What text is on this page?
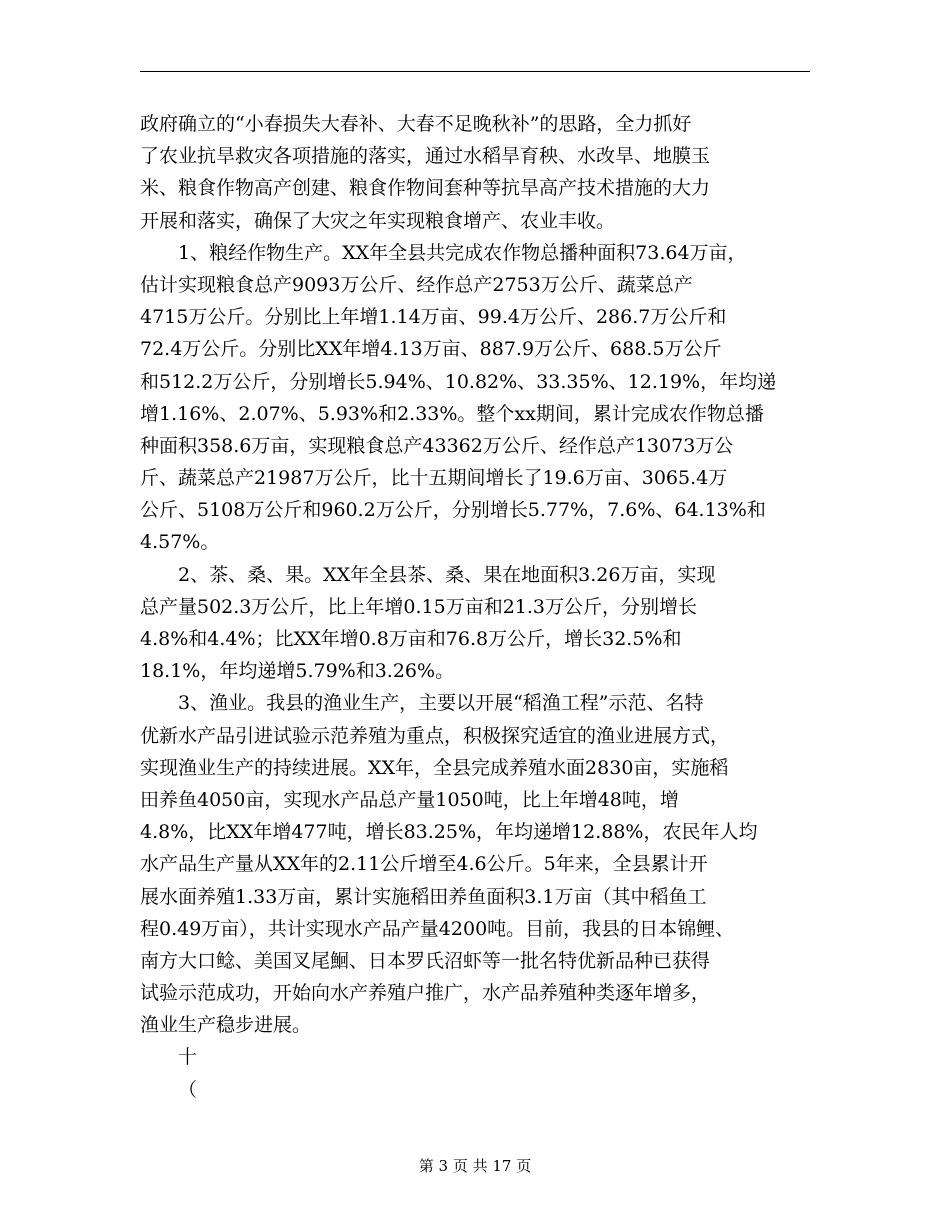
政府确立的“小春损失大春补、大春不足晚秋补”的思路，全力抓好
了农业抗旱救灾各项措施的落实，通过水稻旱育秧、水改旱、地膜玉
米、粮食作物高产创建、粮食作物间套种等抗旱高产技术措施的大力
开展和落实，确保了大灾之年实现粮食增产、农业丰收。
1、粮经作物生产。XX年全县共完成农作物总播种面积73.64万亩，
估计实现粮食总产9093万公斤、经作总产2753万公斤、蔬菜总产
4715万公斤。分别比上年增1.14万亩、99.4万公斤、286.7万公斤和
72.4万公斤。分别比XX年增4.13万亩、887.9万公斤、688.5万公斤
和512.2万公斤，分别增长5.94%、10.82%、33.35%、12.19%，年均递
增1.16%、2.07%、5.93%和2.33%。整个xx期间，累计完成农作物总播
种面积358.6万亩，实现粮食总产43362万公斤、经作总产13073万公
斤、蔬菜总产21987万公斤，比十五期间增长了19.6万亩、3065.4万
公斤、5108万公斤和960.2万公斤，分别增长5.77%，7.6%、64.13%和
4.57%。
2、茶、桑、果。XX年全县茶、桑、果在地面积3.26万亩，实现
总产量502.3万公斤，比上年增0.15万亩和21.3万公斤，分别增长
4.8%和4.4%；比XX年增0.8万亩和76.8万公斤，增长32.5%和
18.1%，年均递增5.79%和3.26%。
3、渔业。我县的渔业生产，主要以开展“稻渔工程”示范、名特
优新水产品引进试验示范养殖为重点，积极探究适宜的渔业进展方式，
实现渔业生产的持续进展。XX年，全县完成养殖水面2830亩，实施稻
田养鱼4050亩，实现水产品总产量1050吨，比上年增48吨，增
4.8%，比XX年增477吨，增长83.25%，年均递增12.88%，农民年人均
水产品生产量从XX年的2.11公斤增至4.6公斤。5年来，全县累计开
展水面养殖1.33万亩，累计实施稻田养鱼面积3.1万亩（其中稻鱼工
程0.49万亩），共计实现水产品产量4200吨。目前，我县的日本锦鲤、
南方大口鲶、美国叉尾鮰、日本罗氏沼虾等一批名特优新品种已获得
试验示范成功，开始向水产养殖户推广，水产品养殖种类逐年增多，
渔业生产稳步进展。
十
（
第 3 页 共 17 页
